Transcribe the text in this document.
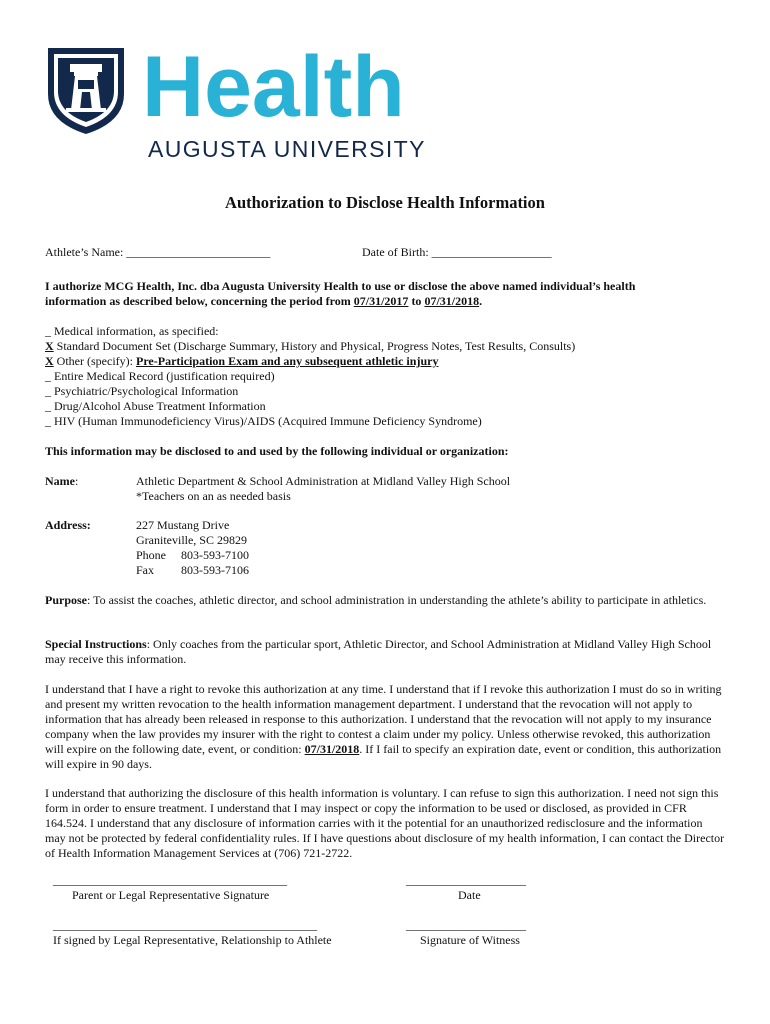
Health
AUGUSTA UNIVERSITY
Authorization to Disclose Health Information
Athlete’s Name: ________________________	Date of Birth: ____________________
I authorize MCG Health, Inc. dba Augusta University Health to use or disclose the above named individual’s health
information as described below, concerning the period from 07/31/2017 to 07/31/2018.
_ Medical information, as specified:
X Standard Document Set (Discharge Summary, History and Physical, Progress Notes, Test Results, Consults)
X Other (specify): Pre-Participation Exam and any subsequent athletic injury
_ Entire Medical Record (justification required)
_ Psychiatric/Psychological Information
_ Drug/Alcohol Abuse Treatment Information
_ HIV (Human Immunodeficiency Virus)/AIDS (Acquired Immune Deficiency Syndrome)
This information may be disclosed to and used by the following individual or organization:
Name:	Athletic Department & School Administration at Midland Valley High School
*Teachers on an as needed basis
Address:	227 Mustang Drive
Graniteville, SC 29829
Phone 803-593-7100
Fax 803-593-7106
Purpose: To assist the coaches, athletic director, and school administration in understanding the athlete’s ability to participate in athletics.
Special Instructions: Only coaches from the particular sport, Athletic Director, and School Administration at Midland Valley High School may receive this information.
I understand that I have a right to revoke this authorization at any time. I understand that if I revoke this authorization I must do so in writing and present my written revocation to the health information management department. I understand that the revocation will not apply to information that has already been released in response to this authorization. I understand that the revocation will not apply to my insurance company when the law provides my insurer with the right to contest a claim under my policy. Unless otherwise revoked, this authorization will expire on the following date, event, or condition: 07/31/2018. If I fail to specify an expiration date, event or condition, this authorization will expire in 90 days.
I understand that authorizing the disclosure of this health information is voluntary. I can refuse to sign this authorization. I need not sign this form in order to ensure treatment. I understand that I may inspect or copy the information to be used or disclosed, as provided in CFR 164.524. I understand that any disclosure of information carries with it the potential for an unauthorized redisclosure and the information may not be protected by federal confidentiality rules. If I have questions about disclosure of my health information, I can contact the Director of Health Information Management Services at (706) 721-2722.
_______________________________________
Parent or Legal Representative Signature
____________________
Date
____________________________________________
If signed by Legal Representative, Relationship to Athlete
____________________
Signature of Witness
